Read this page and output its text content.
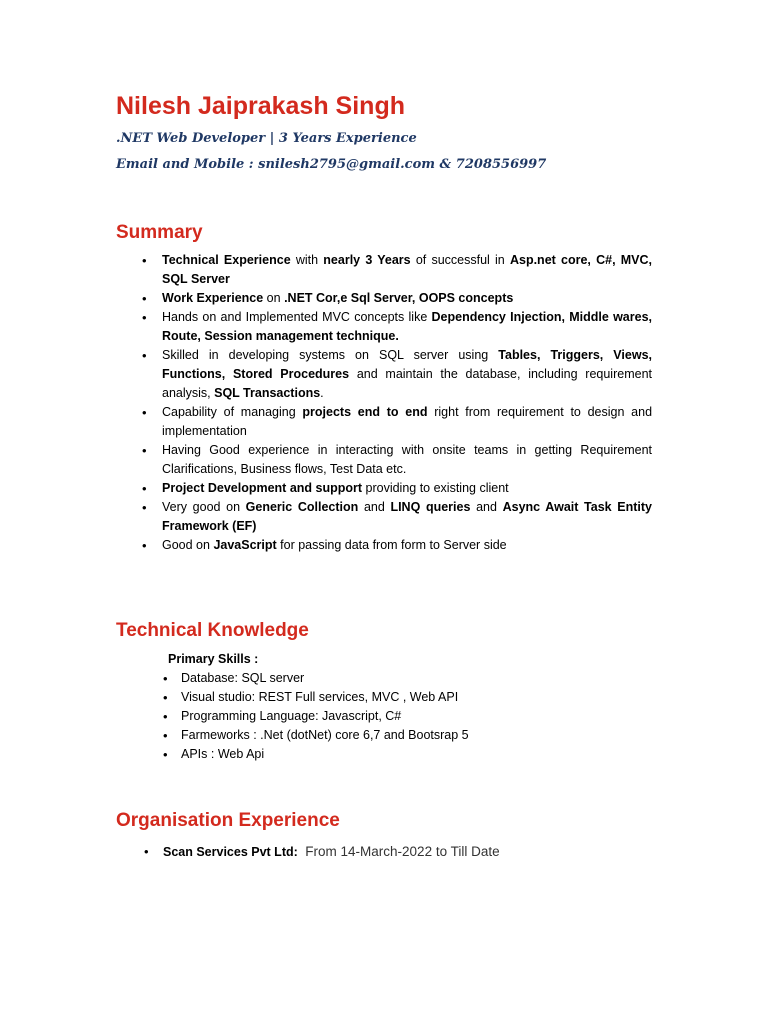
Nilesh Jaiprakash Singh
.NET Web Developer | 3 Years Experience
Email and Mobile : snilesh2795@gmail.com & 7208556997
Summary
• Technical Experience with nearly 3 Years of successful in Asp.net core, C#, MVC, SQL Server
• Work Experience on .NET Cor,e Sql Server, OOPS concepts
• Hands on and Implemented MVC concepts like Dependency Injection, Middle wares, Route, Session management technique.
• Skilled in developing systems on SQL server using Tables, Triggers, Views, Functions, Stored Procedures and maintain the database, including requirement analysis, SQL Transactions.
• Capability of managing projects end to end right from requirement to design and implementation
• Having Good experience in interacting with onsite teams in getting Requirement Clarifications, Business flows, Test Data etc.
• Project Development and support providing to existing client
• Very good on Generic Collection and LINQ queries and Async Await Task Entity Framework (EF)
• Good on JavaScript for passing data from form to Server side
Technical Knowledge
Primary Skills :
• Database: SQL server
• Visual studio: REST Full services, MVC , Web API
• Programming Language: Javascript, C#
• Farmeworks : .Net (dotNet) core 6,7 and Bootsrap 5
• APIs : Web Api
Organisation Experience
• Scan Services Pvt Ltd:  From 14-March-2022 to Till Date
